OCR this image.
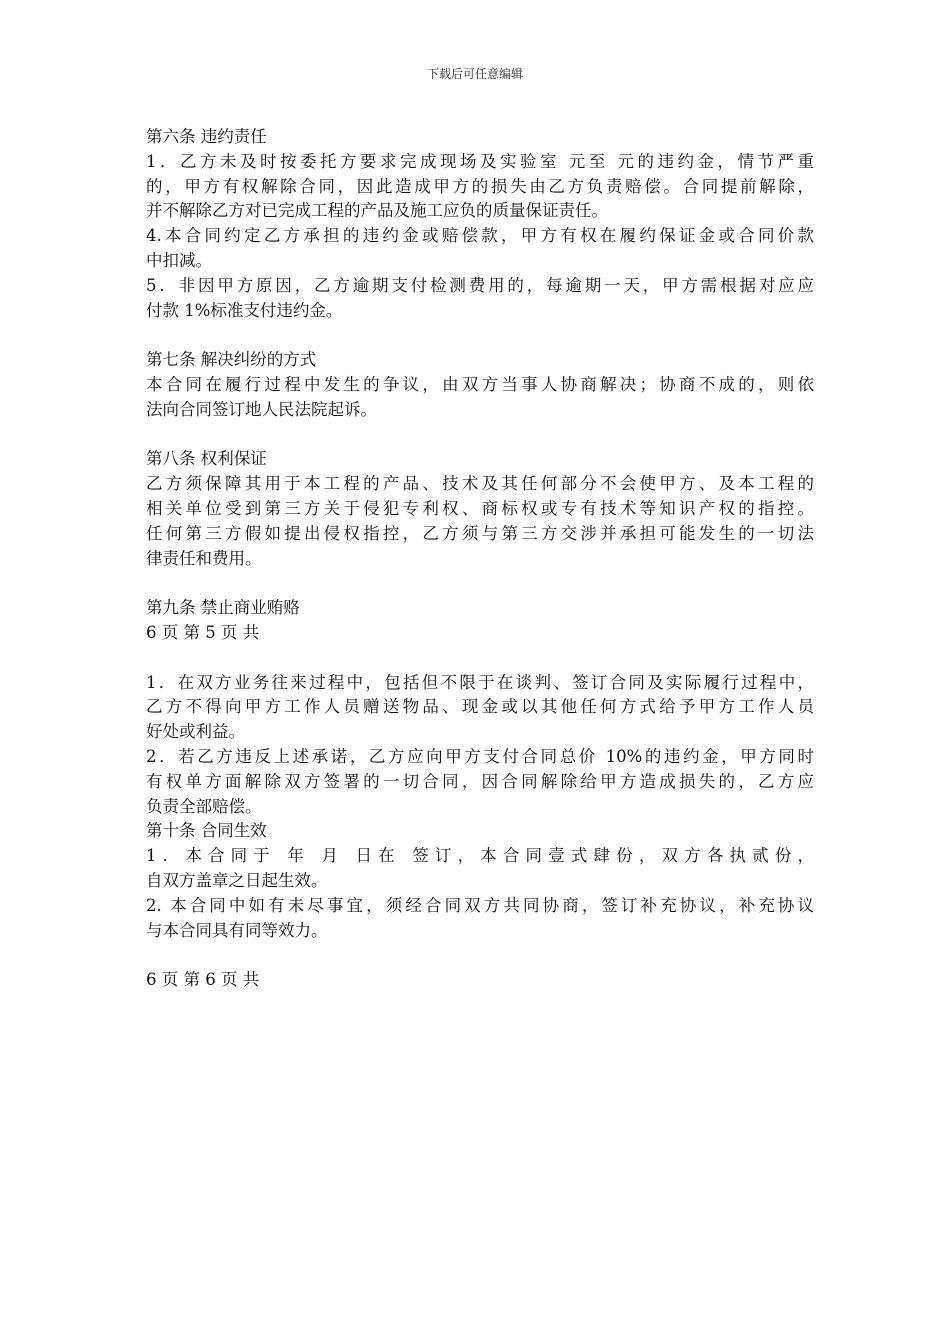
下载后可任意编辑
第六条 违约责任
1．乙方未及时按委托方要求完成现场及实验室 元至 元的违约金，情节严重
的，甲方有权解除合同，因此造成甲方的损失由乙方负责赔偿。合同提前解除，
并不解除乙方对已完成工程的产品及施工应负的质量保证责任。
4.本合同约定乙方承担的违约金或赔偿款，甲方有权在履约保证金或合同价款
中扣减。
5．非因甲方原因，乙方逾期支付检测费用的，每逾期一天，甲方需根据对应应
付款 1%标准支付违约金。
第七条 解决纠纷的方式
本合同在履行过程中发生的争议，由双方当事人协商解决；协商不成的，则依
法向合同签订地人民法院起诉。
第八条 权利保证
乙方须保障其用于本工程的产品、技术及其任何部分不会使甲方、及本工程的
相关单位受到第三方关于侵犯专利权、商标权或专有技术等知识产权的指控。
任何第三方假如提出侵权指控，乙方须与第三方交涉并承担可能发生的一切法
律责任和费用。
第九条 禁止商业贿赂
6 页 第 5 页 共
1．在双方业务往来过程中，包括但不限于在谈判、签订合同及实际履行过程中，
乙方不得向甲方工作人员赠送物品、现金或以其他任何方式给予甲方工作人员
好处或利益。
2．若乙方违反上述承诺，乙方应向甲方支付合同总价 10%的违约金，甲方同时
有权单方面解除双方签署的一切合同，因合同解除给甲方造成损失的，乙方应
负责全部赔偿。
第十条 合同生效
1．本合同于 年 月 日在 签订，本合同壹式肆份，双方各执贰份，
自双方盖章之日起生效。
2. 本合同中如有未尽事宜，须经合同双方共同协商，签订补充协议，补充协议
与本合同具有同等效力。
6 页 第 6 页 共
